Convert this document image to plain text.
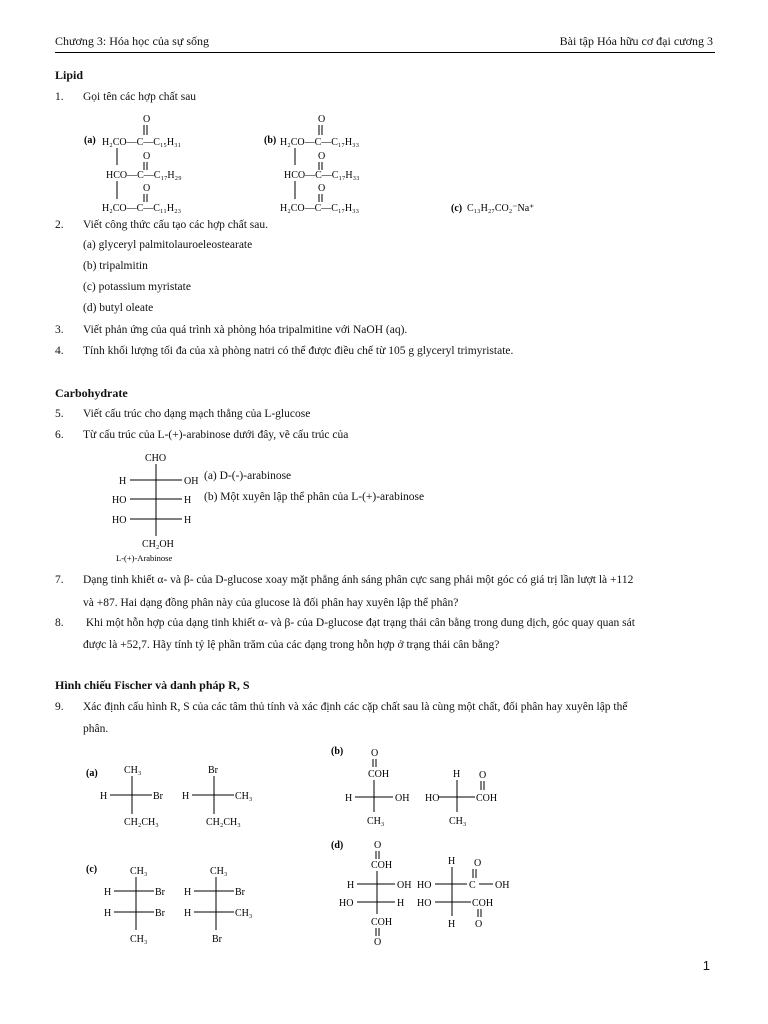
Chương 3: Hóa học của sự sống	Bài tập Hóa hữu cơ đại cương 3
Lipid
1. Gọi tên các hợp chất sau
(a)
O
H₂CO—C—C₁₅H₃₁
O
HCO—C—C₁₇H₂₉
O
H₂CO—C—C₁₁H₂₃
(b)
O
H₂CO—C—C₁₇H₃₃
O
HCO—C—C₁₇H₃₃
O
H₂CO—C—C₁₇H₃₃	(c) C₁₃H₂₇CO₂⁻Na⁺
2. Viết công thức cấu tạo các hợp chất sau.
(a) glyceryl palmitolauroeleostearate
(b) tripalmitin
(c) potassium myristate
(d) butyl oleate
3. Viết phản ứng của quá trình xà phòng hóa tripalmitine với NaOH (aq).
4. Tính khối lượng tối đa của xà phòng natri có thể được điều chế từ 105 g glyceryl trimyristate.
Carbohydrate
5. Viết cấu trúc cho dạng mạch thẳng của L-glucose
6. Từ cấu trúc của L-(+)-arabinose dưới đây, vẽ cấu trúc của
CHO
H	OH
HO	H
HO	H
CH₂OH
L-(+)-Arabinose
(a) D-(-)-arabinose
(b) Một xuyên lập thể phân của L-(+)-arabinose
7. Dạng tinh khiết α- và β- của D-glucose xoay mặt phẳng ánh sáng phân cực sang phải một góc có giá trị lần lượt là +112
và +87. Hai dạng đồng phân này của glucose là đối phân hay xuyên lập thể phân?
8. Khi một hỗn hợp của dạng tinh khiết α- và β- của D-glucose đạt trạng thái cân bằng trong dung dịch, góc quay quan sát
được là +52,7. Hãy tính tỷ lệ phần trăm của các dạng trong hỗn hợp ở trạng thái cân bằng?
Hình chiếu Fischer và danh pháp R, S
9. Xác định cấu hình R, S của các tâm thủ tính và xác định các cặp chất sau là cùng một chất, đối phân hay xuyên lập thể
phân.
(a)	CH₃
H	Br
CH₂CH₃
Br
H	CH₃
CH₂CH₃
(b)	O
COH
H	OH
CH₃
H
HO
O
COH
CH₃
(c)	CH₃
H	Br
H	Br
CH₃
CH₃
H	Br
H	CH₃
Br
(d)	O
COH
H	OH
HO	H
COH
O
H
HO	C
O
OH
HO	COH
O
H
1
